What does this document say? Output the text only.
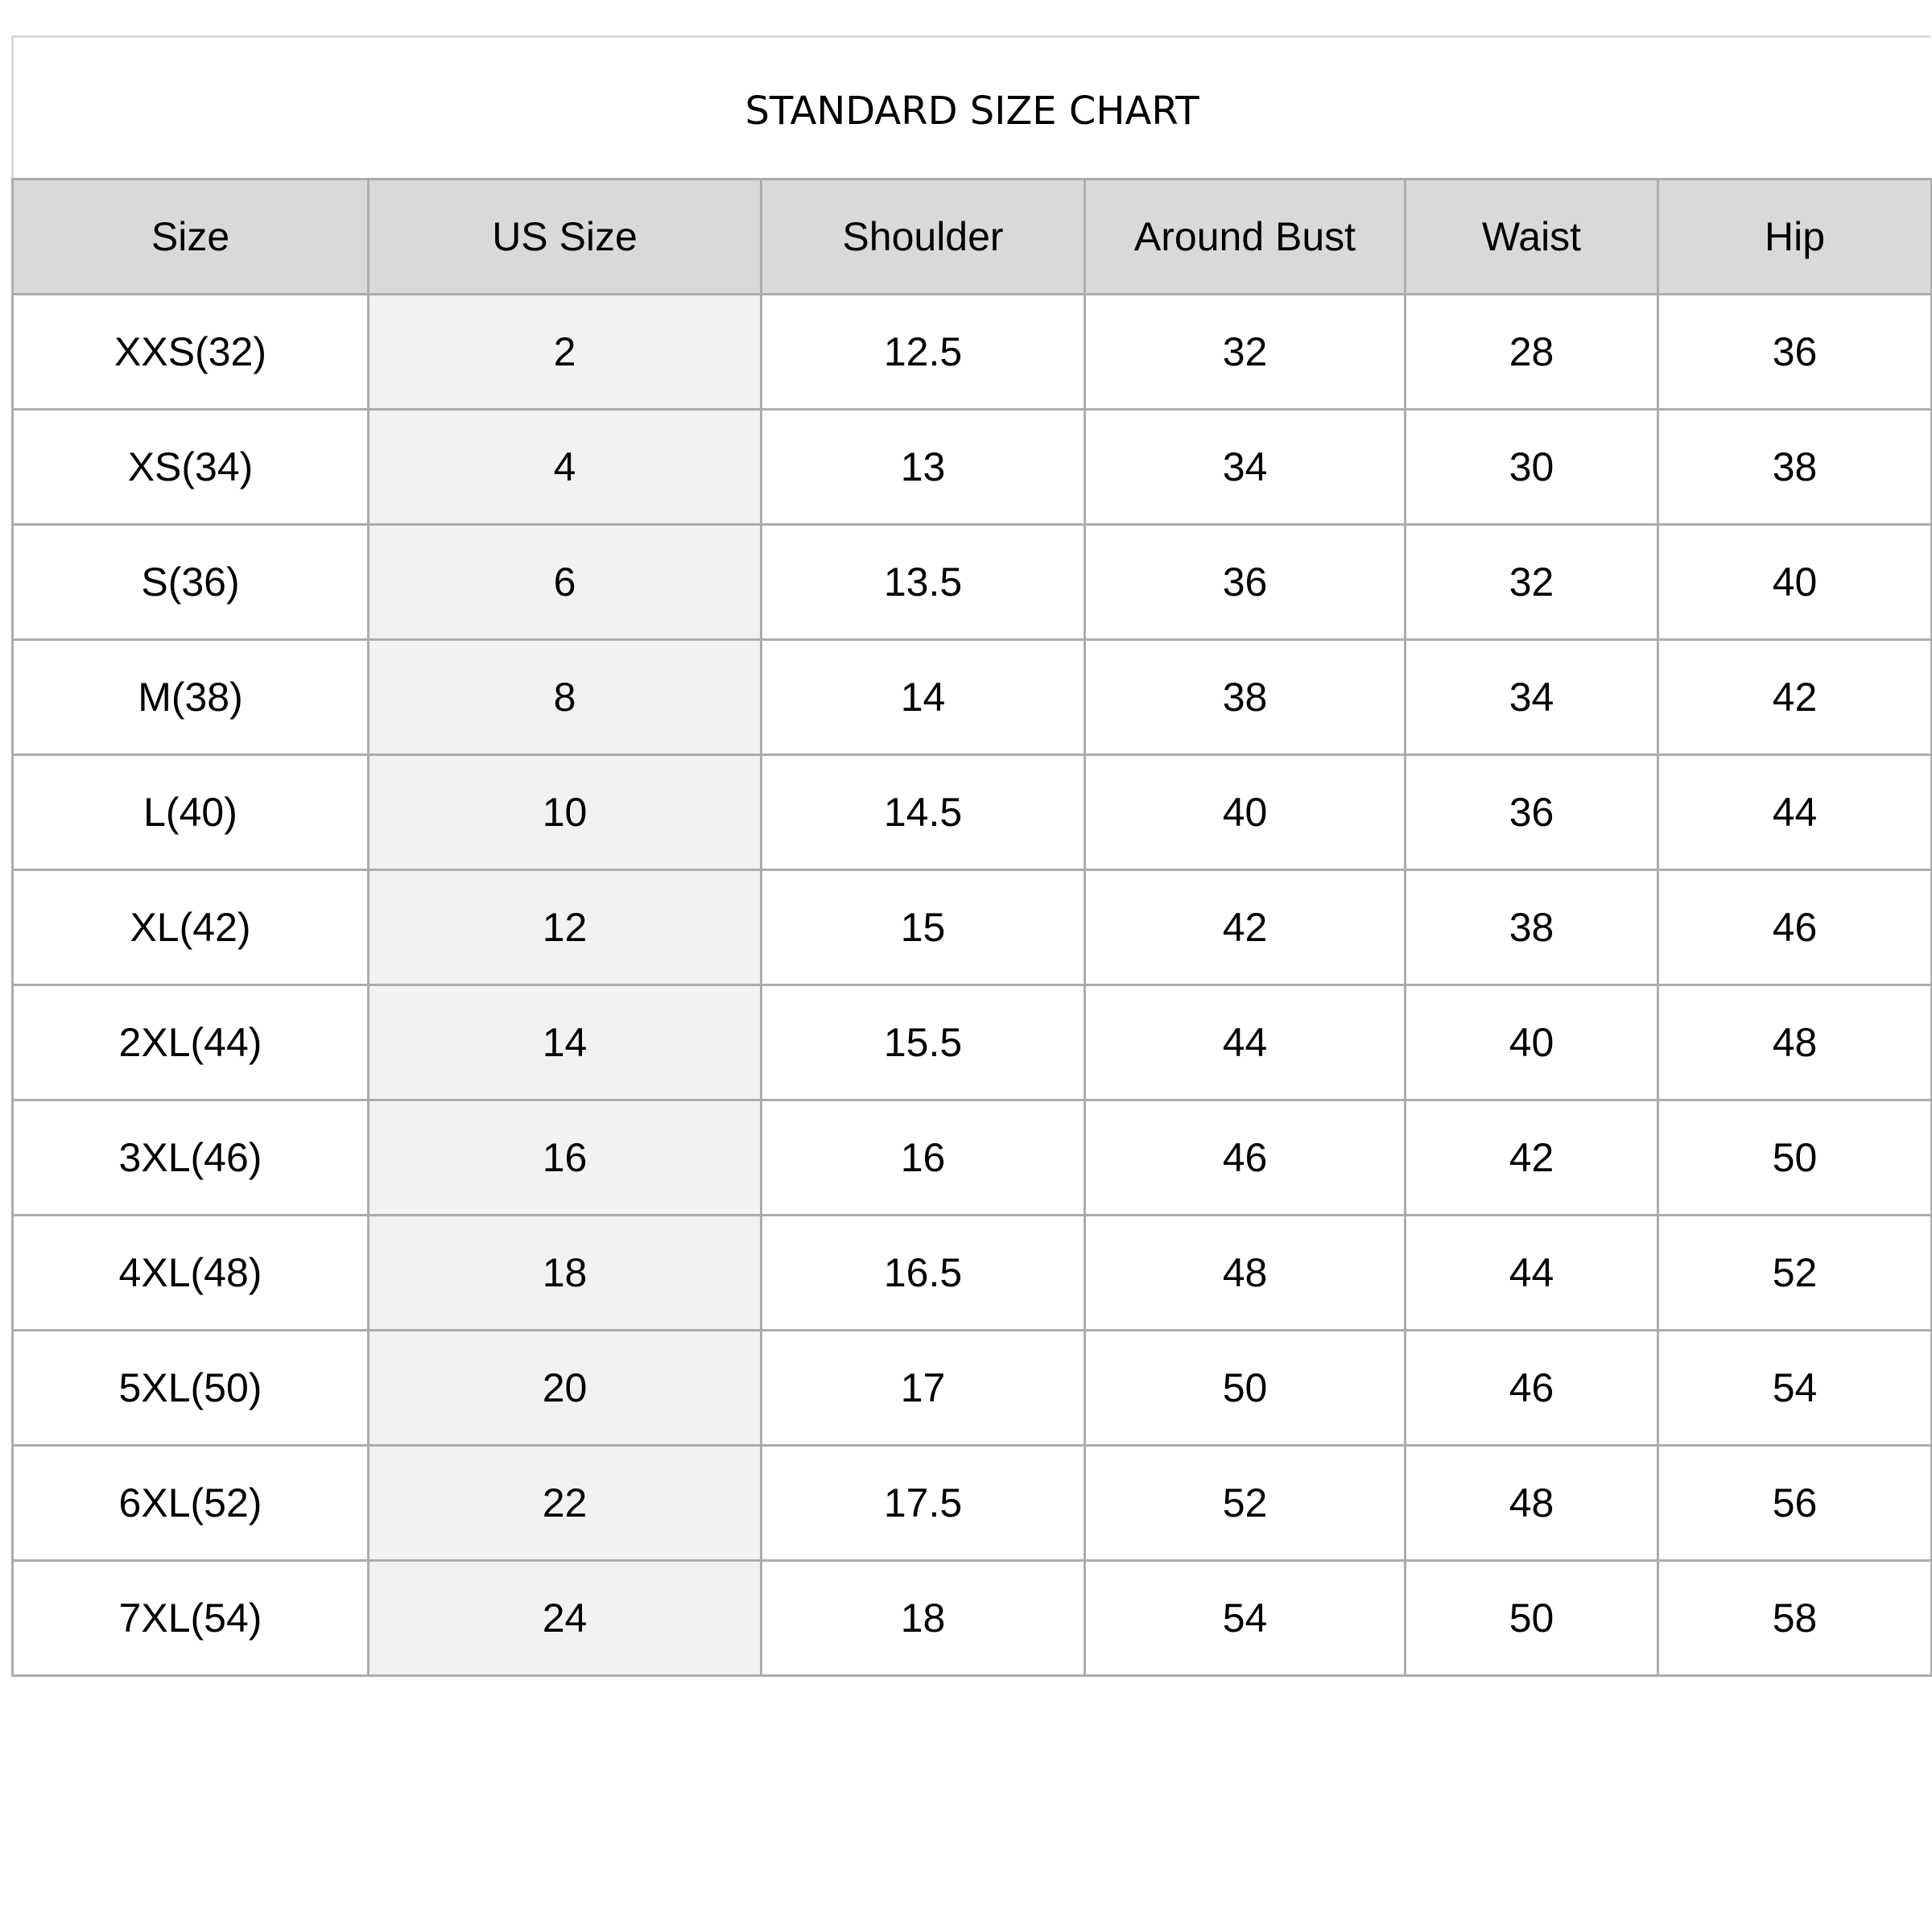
STANDARD SIZE CHART
Size	US Size	Shoulder	Around Bust	Waist	Hip
XXS(32)	2	12.5	32	28	36
XS(34)	4	13	34	30	38
S(36)	6	13.5	36	32	40
M(38)	8	14	38	34	42
L(40)	10	14.5	40	36	44
XL(42)	12	15	42	38	46
2XL(44)	14	15.5	44	40	48
3XL(46)	16	16	46	42	50
4XL(48)	18	16.5	48	44	52
5XL(50)	20	17	50	46	54
6XL(52)	22	17.5	52	48	56
7XL(54)	24	18	54	50	58
